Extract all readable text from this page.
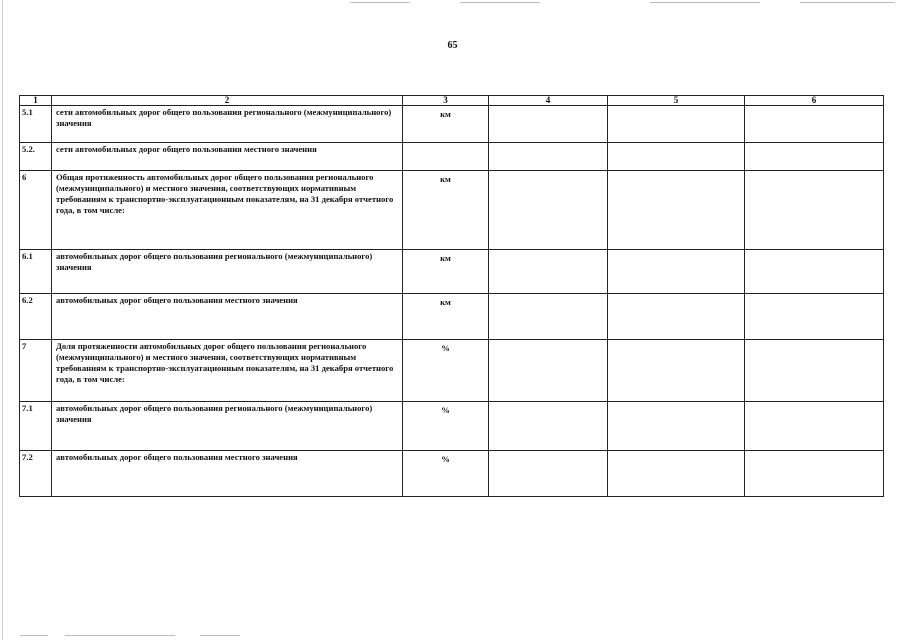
65
1	2	3	4	5	6
5.1	сети автомобильных дорог общего пользования регионального (межмуниципального) значения	км			
5.2.	сети автомобильных дорог общего пользования местного значения				
6	Общая протяженность автомобильных дорог общего пользования регионального (межмуниципального) и местного значения, соответствующих нормативным требованиям к транспортно-эксплуатационным показателям, на 31 декабря отчетного года, в том числе:	км			
6.1	автомобильных дорог общего пользования регионального (межмуниципального) значения	км			
6.2	автомобильных дорог общего пользования местного значения	км			
7	Доля протяженности автомобильных дорог общего пользования регионального (межмуниципального) и местного значения, соответствующих нормативным требованиям к транспортно-эксплуатационным показателям, на 31 декабря отчетного года, в том числе:	%			
7.1	автомобильных дорог общего пользования регионального (межмуниципального) значения	%			
7.2	автомобильных дорог общего пользования местного значения	%			
